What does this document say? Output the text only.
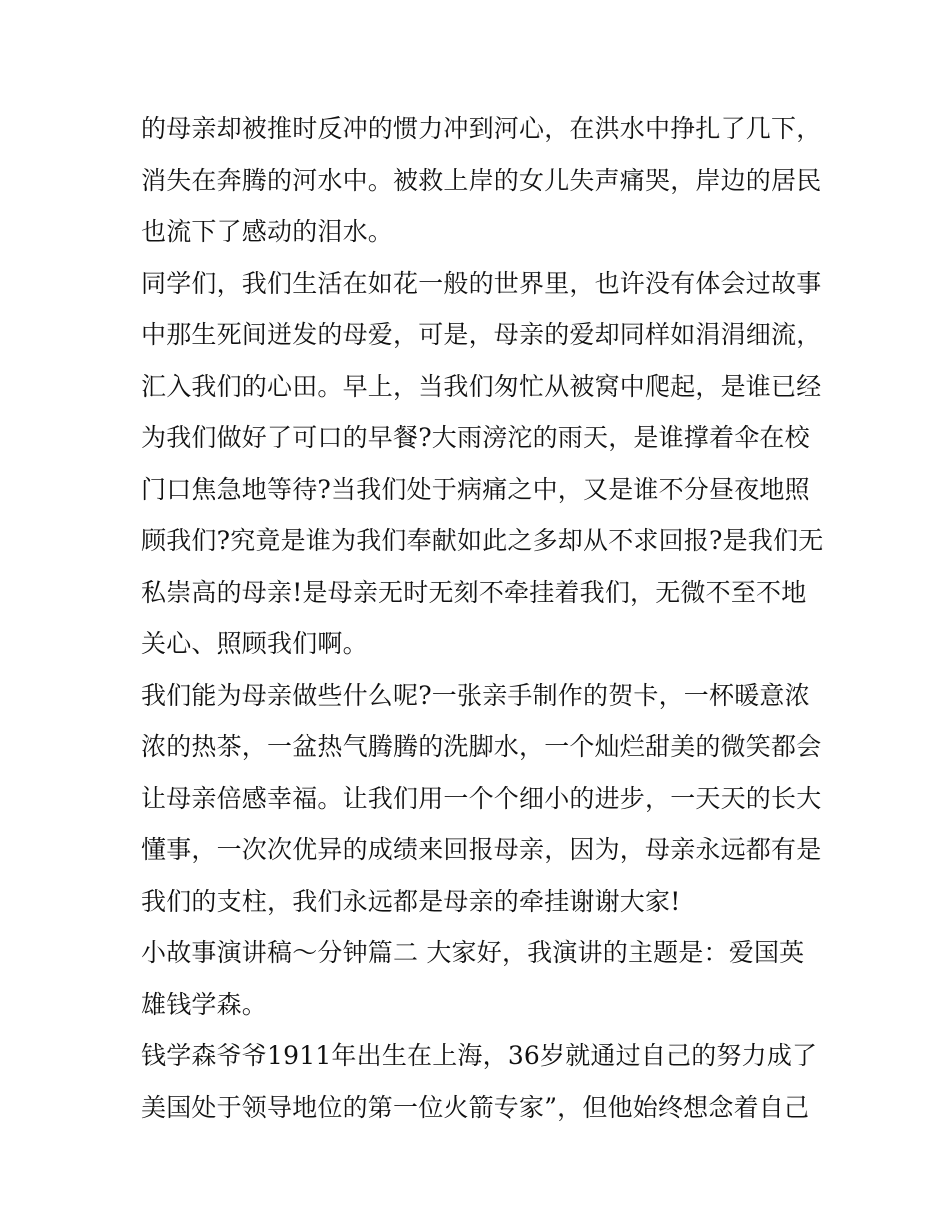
的母亲却被推时反冲的惯力冲到河心，在洪水中挣扎了几下，
消失在奔腾的河水中。被救上岸的女儿失声痛哭，岸边的居民
也流下了感动的泪水。
同学们，我们生活在如花一般的世界里，也许没有体会过故事
中那生死间迸发的母爱，可是，母亲的爱却同样如涓涓细流，
汇入我们的心田。早上，当我们匆忙从被窝中爬起，是谁已经
为我们做好了可口的早餐?大雨滂沱的雨天，是谁撑着伞在校
门口焦急地等待?当我们处于病痛之中，又是谁不分昼夜地照
顾我们?究竟是谁为我们奉献如此之多却从不求回报?是我们无
私崇高的母亲!是母亲无时无刻不牵挂着我们，无微不至不地
关心、照顾我们啊。
我们能为母亲做些什么呢?一张亲手制作的贺卡，一杯暖意浓
浓的热茶，一盆热气腾腾的洗脚水，一个灿烂甜美的微笑都会
让母亲倍感幸福。让我们用一个个细小的进步，一天天的长大
懂事，一次次优异的成绩来回报母亲，因为，母亲永远都有是
我们的支柱，我们永远都是母亲的牵挂谢谢大家!
小故事演讲稿～分钟篇二 大家好，我演讲的主题是：爱国英
雄钱学森。
钱学森爷爷1911年出生在上海，36岁就通过自己的努力成了
美国处于领导地位的第一位火箭专家”，但他始终想念着自己
